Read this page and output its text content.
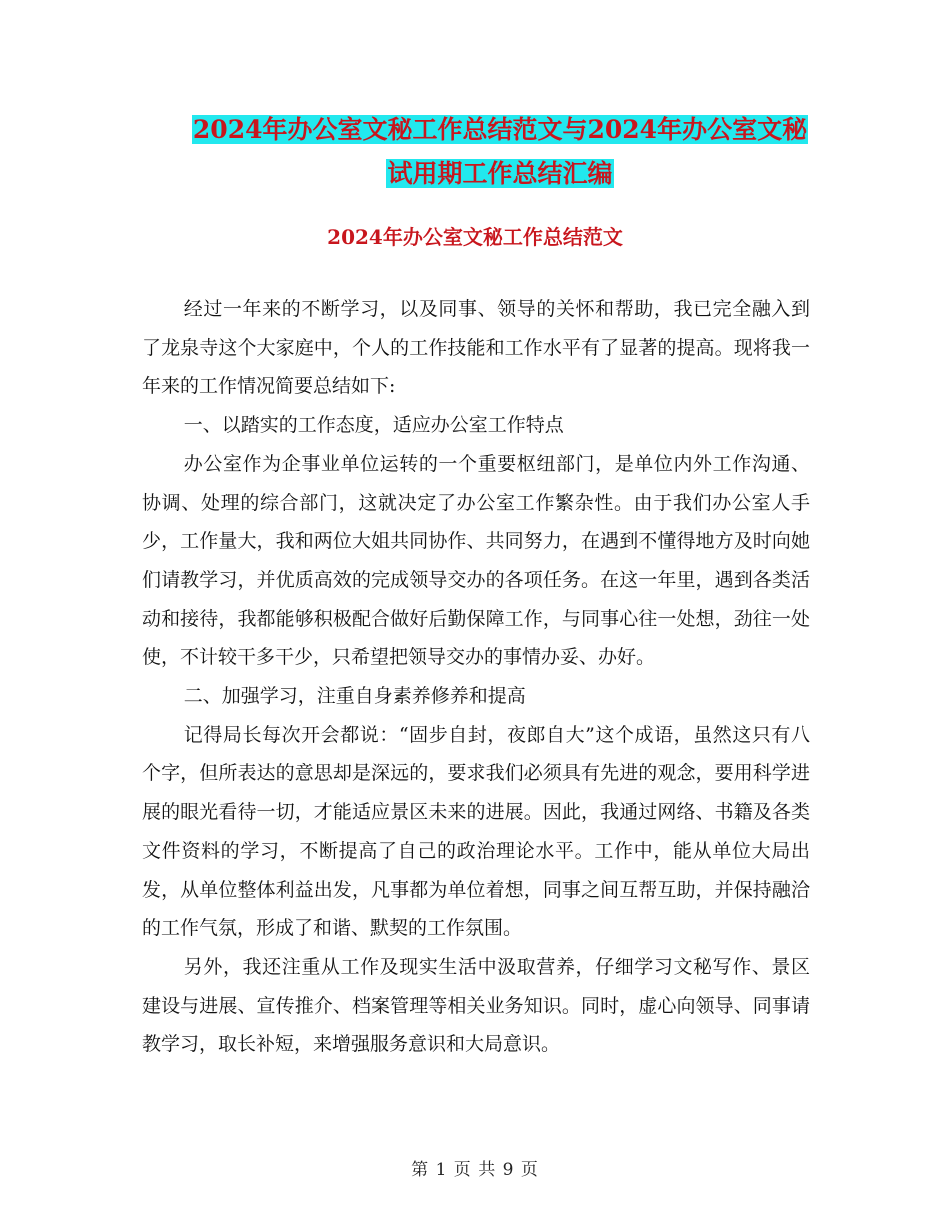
2024年办公室文秘工作总结范文与2024年办公室文秘
试用期工作总结汇编
2024年办公室文秘工作总结范文

经过一年来的不断学习，以及同事、领导的关怀和帮助，我已完全融入到了龙泉寺这个大家庭中，个人的工作技能和工作水平有了显著的提高。现将我一年来的工作情况简要总结如下:

一、以踏实的工作态度，适应办公室工作特点

办公室作为企事业单位运转的一个重要枢纽部门，是单位内外工作沟通、协调、处理的综合部门，这就决定了办公室工作繁杂性。由于我们办公室人手少，工作量大，我和两位大姐共同协作、共同努力，在遇到不懂得地方及时向她们请教学习，并优质高效的完成领导交办的各项任务。在这一年里，遇到各类活动和接待，我都能够积极配合做好后勤保障工作，与同事心往一处想，劲往一处使，不计较干多干少，只希望把领导交办的事情办妥、办好。

二、加强学习，注重自身素养修养和提高

记得局长每次开会都说：“固步自封，夜郎自大”这个成语，虽然这只有八个字，但所表达的意思却是深远的，要求我们必须具有先进的观念，要用科学进展的眼光看待一切，才能适应景区未来的进展。因此，我通过网络、书籍及各类文件资料的学习，不断提高了自己的政治理论水平。工作中，能从单位大局出发，从单位整体利益出发，凡事都为单位着想，同事之间互帮互助，并保持融洽的工作气氛，形成了和谐、默契的工作氛围。

另外，我还注重从工作及现实生活中汲取营养，仔细学习文秘写作、景区建设与进展、宣传推介、档案管理等相关业务知识。同时，虚心向领导、同事请教学习，取长补短，来增强服务意识和大局意识。

第 1 页 共 9 页
